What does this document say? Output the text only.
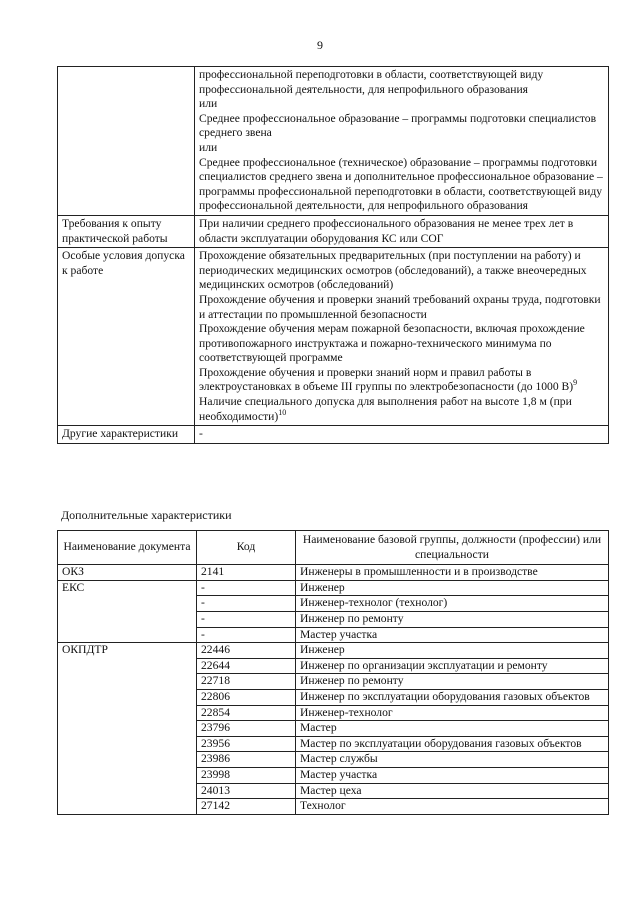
9

	профессиональной переподготовки в области, соответствующей виду профессиональной деятельности, для непрофильного образования
или
Среднее профессиональное образование – программы подготовки специалистов среднего звена
или
Среднее профессиональное (техническое) образование – программы подготовки специалистов среднего звена и дополнительное профессиональное образование – программы профессиональной переподготовки в области, соответствующей виду профессиональной деятельности, для непрофильного образования

Требования к опыту практической работы	При наличии среднего профессионального образования не менее трех лет в области эксплуатации оборудования КС или СОГ
Особые условия допуска к работе	Прохождение обязательных предварительных (при поступлении на работу) и периодических медицинских осмотров (обследований), а также внеочередных медицинских осмотров (обследований)
Прохождение обучения и проверки знаний требований охраны труда, подготовки и аттестации по промышленной безопасности
Прохождение обучения мерам пожарной безопасности, включая прохождение противопожарного инструктажа и пожарно-технического минимума по соответствующей программе
Прохождение обучения и проверки знаний норм и правил работы в электроустановках в объеме III группы по электробезопасности (до 1000 В)$^9$
Наличие специального допуска для выполнения работ на высоте 1,8 м (при необходимости)$^{10}$

Другие характеристики	-
Дополнительные характеристики
Наименование документа	Код	Наименование базовой группы, должности (профессии) или специальности
ОКЗ	2141	Инженеры в промышленности и в производстве
ЕКС	-	Инженер
	-	Инженер-технолог (технолог)
	-	Инженер по ремонту
	-	Мастер участка
ОКПДТР	22446	Инженер
	22644	Инженер по организации эксплуатации и ремонту
	22718	Инженер по ремонту
	22806	Инженер по эксплуатации оборудования газовых объектов
	22854	Инженер-технолог
	23796	Мастер
	23956	Мастер по эксплуатации оборудования газовых объектов
	23986	Мастер службы
	23998	Мастер участка
	24013	Мастер цеха
	27142	Технолог
